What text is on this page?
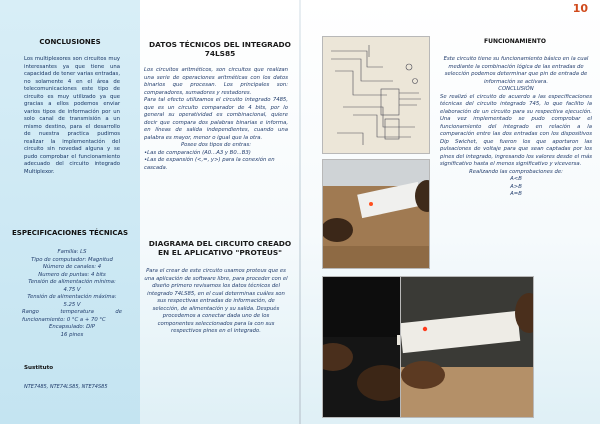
10
CONCLUSIONES

Los multiplexores son circuitos muy interesantes ya que tiene una capacidad de tener varias entradas, no solamente 4 en el área de telecomunicaciones este tipo de circuito es muy utilizado ya que gracias a ellos podemos enviar varios tipos de información por un solo canal de transmisión a un mismo destino, para el desarrollo de nuestra practica pudimos realizar la implementación del circuito sin novedad alguna y se pudo comprobar el funcionamiento adecuado del circuito integrado Multiplexor.

ESPECIFICACIONES TÉCNICAS
Familia: LS
Tipo de computador: Magnitud
Número de canales: 4
Numero de puntas: 4 bits
Tensión de alimentación mínima: 4.75 V
Tensión de alimentación máxima: 5.25 V
Rango temperatura de funcionamiento: 0 °C a + 70 °C
Encapsulado: DIP
16 pines
Sustituto
NTE7485, NTE74LS85, NTE74S85
DATOS TÉCNICOS DEL INTEGRADO 74LS85

Los circuitos aritméticos, son circuitos que realizan una serie de operaciones aritméticas con los datos binarios que procesan. Los principales son: comparadores, sumadores y restadores.

Para tal efecto utilizamos el circuito integrado 7485, que es un circuito comparador de 4 bits, por lo general su operatividad es combinacional, quiere decir que compara dos palabras binarias e informa, en líneas de salida independientes, cuando una palabra es mayor, menor o igual que la otra.

Posee dos tipos de entras:

•Las de comparación (A0...A3 y B0...B3)

•Las de expansión (<,=, y>) para la conexión en cascada.

DIAGRAMA DEL CIRCUITO CREADO EN EL APLICATIVO "PROTEUS"

Para el crear de este circuito usamos proteus que es una aplicación de software libre, para proceder con el diseño primero revisamos los datos técnicos del integrado 74LS85, en el cual determinas cuáles son sus respectivas entradas de información, de selección, de alimentación y su salida. Después procedemos a conectar dada uno de los componentes seleccionados para la con sus respectivos pines en el integrado.

FUNCIONAMIENTO

Este circuito tiene su funcionamiento básico en la cual mediante la combinación lógica de las entradas de selección podemos determinar que pin de entrada de información se activara.

CONCLUSIÓN

Se realizó el circuito de acuerdo a las especificaciones técnicas del circuito integrado 745, lo que facilito la elaboración de un circuito para su respectiva ejecución. Una vez implementado se pudo comprobar el funcionamiento del integrado en relación a la comparación entre las dos entradas con los dispositivos Dip Swichet, que fueron los que aportaron las pulsaciones de voltaje para que sean captadas por los pines del integrado, ingresando los valores desde el más significativo hasta el menos significativo y viceversa.

Realizando las comprobaciones de:

A<B

A>B

A=B
